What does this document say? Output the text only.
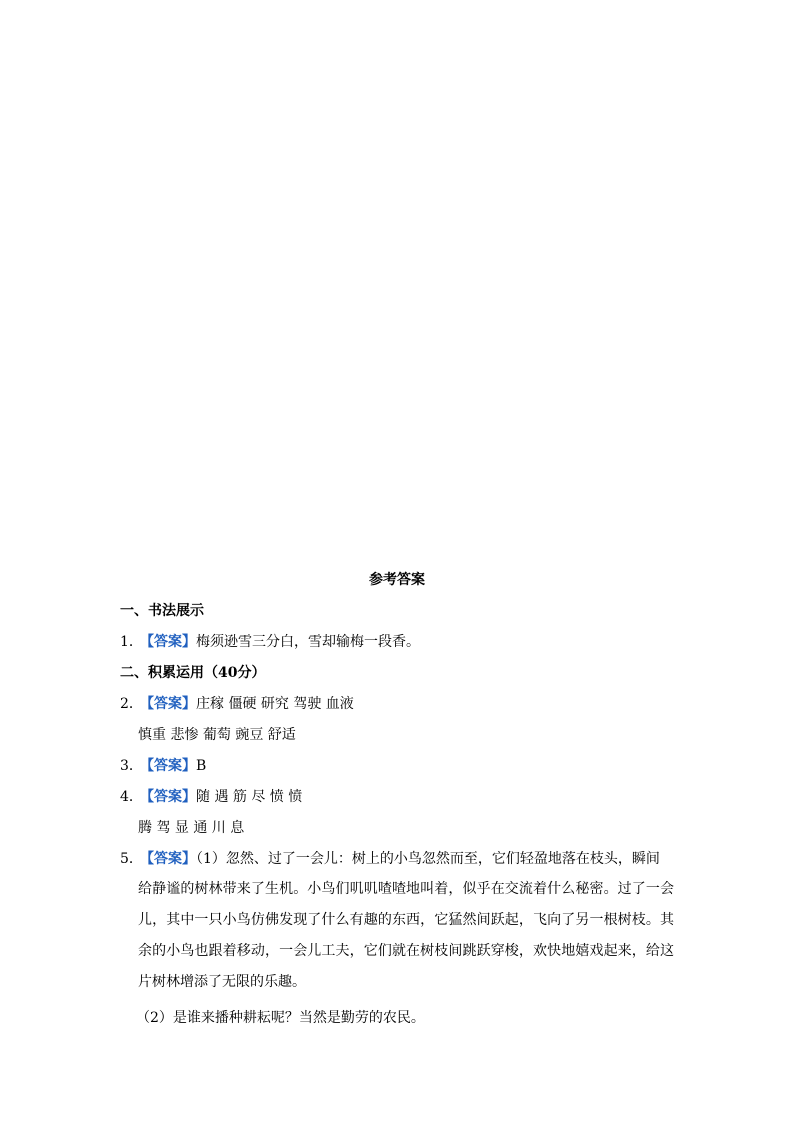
参考答案
一、书法展示
1．【答案】梅须逊雪三分白，雪却输梅一段香。
二、积累运用（40分）
2．【答案】庄稼 僵硬 研究 驾驶 血液
慎重 悲惨 葡萄 豌豆 舒适
3．【答案】B
4．【答案】随 遇 筋 尽 愤 愤
腾 驾 显 通 川 息
5．【答案】（1）忽然、过了一会儿：树上的小鸟忽然而至，它们轻盈地落在枝头，瞬间
给静谧的树林带来了生机。小鸟们叽叽喳喳地叫着，似乎在交流着什么秘密。过了一会儿，其中一只小鸟仿佛发现了什么有趣的东西，它猛然间跃起，飞向了另一根树枝。其余的小鸟也跟着移动，一会儿工夫，它们就在树枝间跳跃穿梭，欢快地嬉戏起来，给这片树林增添了无限的乐趣。
（2）是谁来播种耕耘呢？当然是勤劳的农民。
